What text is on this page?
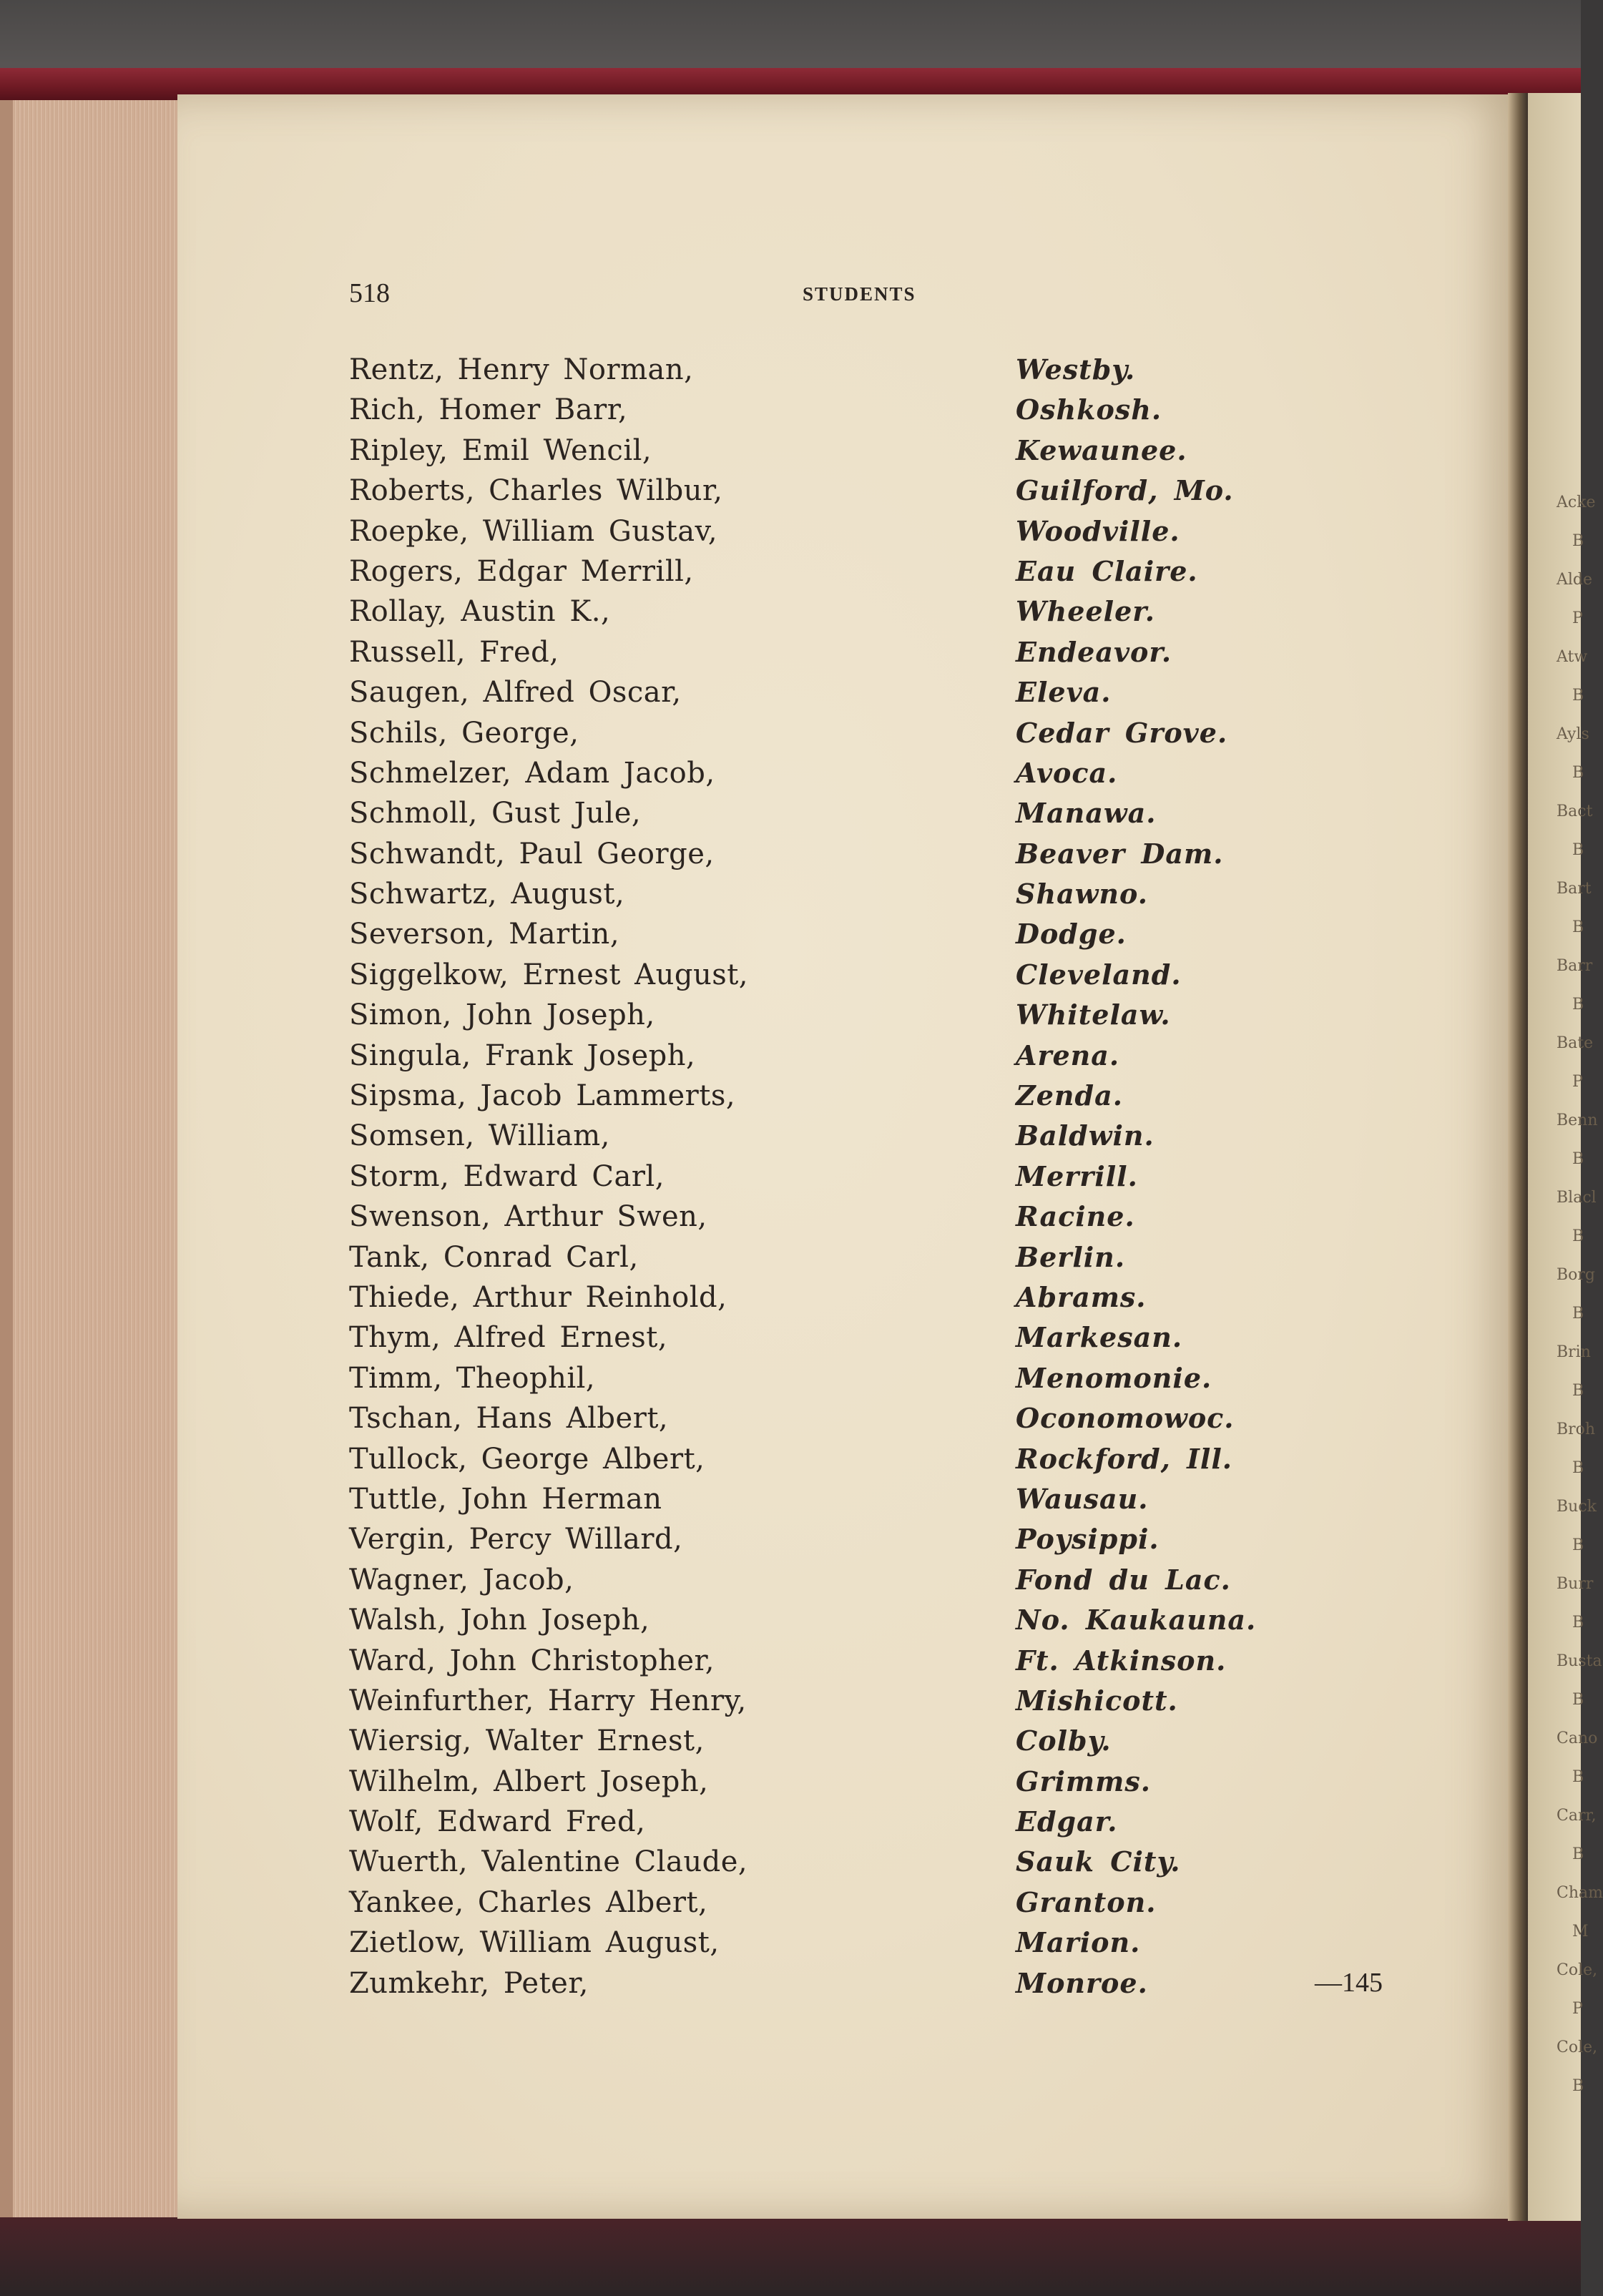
518	STUDENTS
Rentz, Henry Norman,	Westby.
Rich, Homer Barr,	Oshkosh.
Ripley, Emil Wencil,	Kewaunee.
Roberts, Charles Wilbur,	Guilford, Mo.
Roepke, William Gustav,	Woodville.
Rogers, Edgar Merrill,	Eau Claire.
Rollay, Austin K.,	Wheeler.
Russell, Fred,	Endeavor.
Saugen, Alfred Oscar,	Eleva.
Schils, George,	Cedar Grove.
Schmelzer, Adam Jacob,	Avoca.
Schmoll, Gust Jule,	Manawa.
Schwandt, Paul George,	Beaver Dam.
Schwartz, August,	Shawno.
Severson, Martin,	Dodge.
Siggelkow, Ernest August,	Cleveland.
Simon, John Joseph,	Whitelaw.
Singula, Frank Joseph,	Arena.
Sipsma, Jacob Lammerts,	Zenda.
Somsen, William,	Baldwin.
Storm, Edward Carl,	Merrill.
Swenson, Arthur Swen,	Racine.
Tank, Conrad Carl,	Berlin.
Thiede, Arthur Reinhold,	Abrams.
Thym, Alfred Ernest,	Markesan.
Timm, Theophil,	Menomonie.
Tschan, Hans Albert,	Oconomowoc.
Tullock, George Albert,	Rockford, Ill.
Tuttle, John Herman	Wausau.
Vergin, Percy Willard,	Poysippi.
Wagner, Jacob,	Fond du Lac.
Walsh, John Joseph,	No. Kaukauna.
Ward, John Christopher,	Ft. Atkinson.
Weinfurther, Harry Henry,	Mishicott.
Wiersig, Walter Ernest,	Colby.
Wilhelm, Albert Joseph,	Grimms.
Wolf, Edward Fred,	Edgar.
Wuerth, Valentine Claude,	Sauk City.
Yankee, Charles Albert,	Granton.
Zietlow, William August,	Marion.
Zumkehr, Peter,	Monroe.	—145
Acke
B
Alde
P
Atw
B
Ayls
B
Bact
B
Bart
B
Barr
B
Bate
P
Benn
B
Blacl
B
Borg
B
Brin
B
Broh
B
Buck
B
Burr
B
Busta
B
Cano
B
Carr,
B
Cham
M
Cole,
P
Cole,
B
